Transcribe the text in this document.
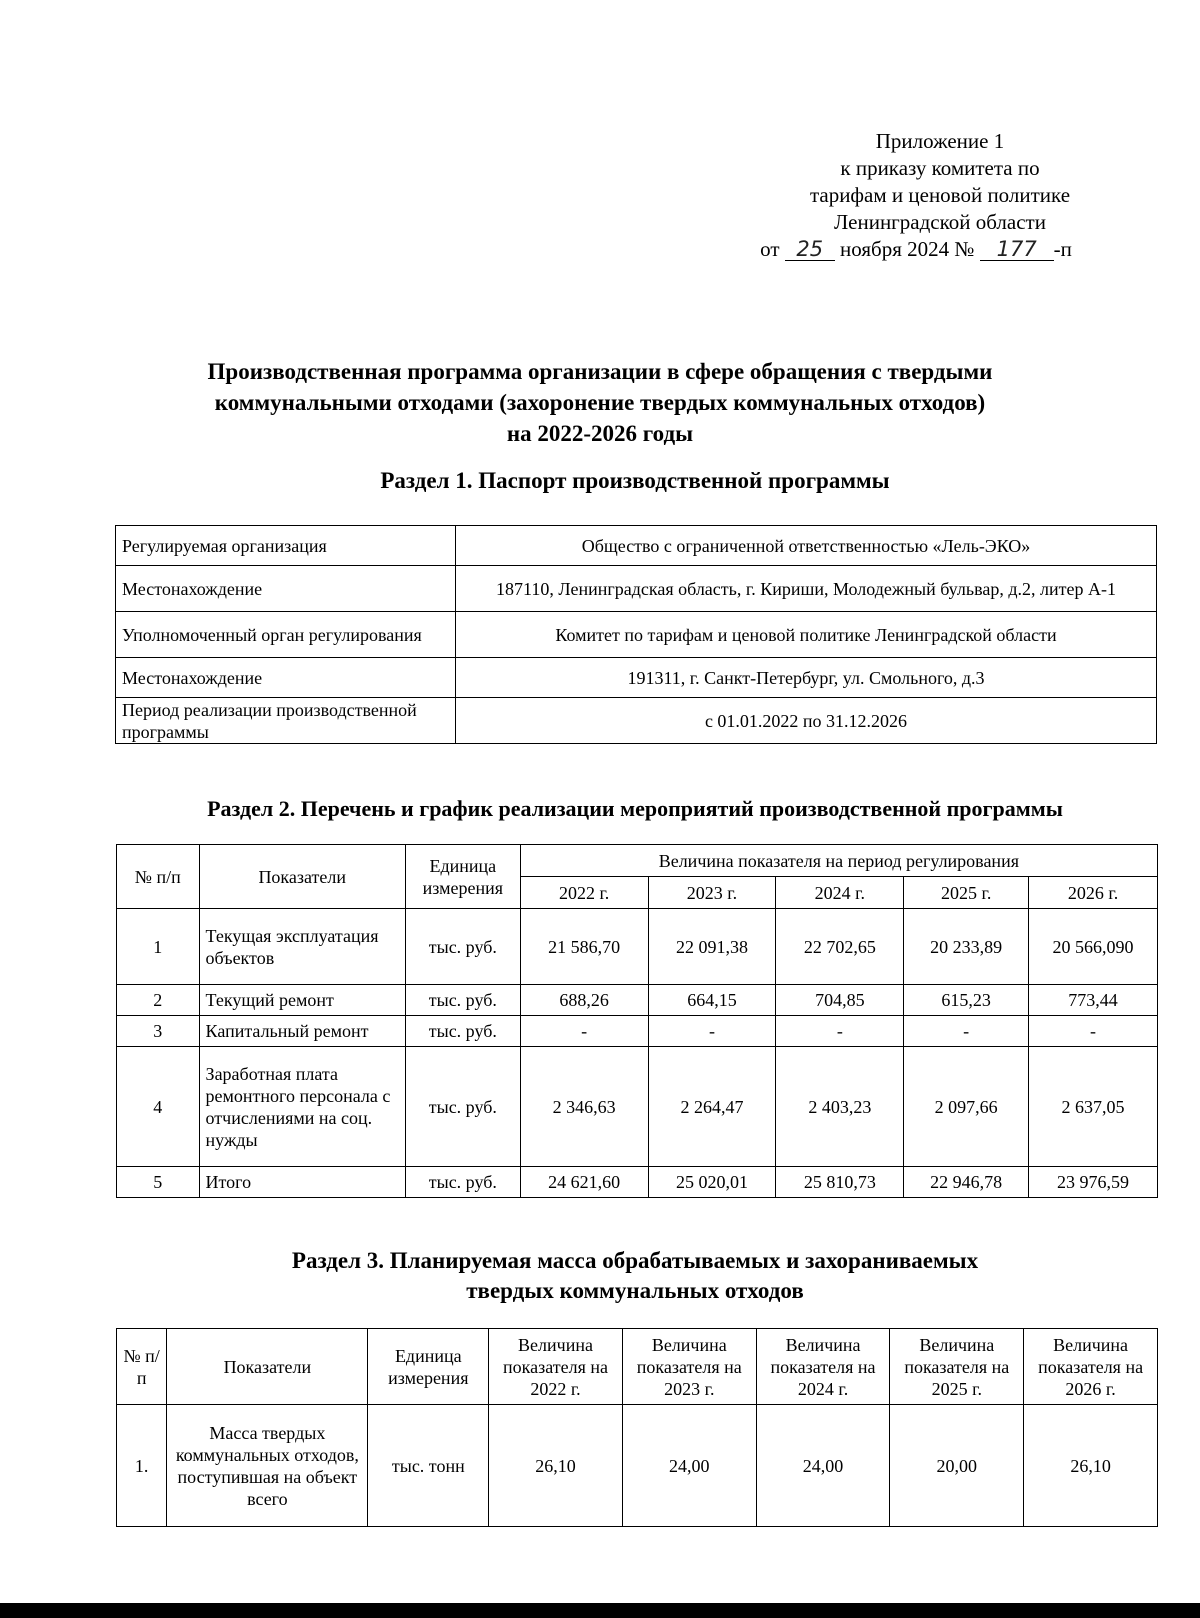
Приложение 1
к приказу комитета по
тарифам и ценовой политике
Ленинградской области
от 25 ноября 2024 № 177 -п
Производственная программа организации в сфере обращения с твердыми
коммунальными отходами (захоронение твердых коммунальных отходов)
на 2022-2026 годы
Раздел 1. Паспорт производственной программы
Регулируемая организация	Общество с ограниченной ответственностью «Лель-ЭКО»
Местонахождение	187110, Ленинградская область, г. Кириши, Молодежный бульвар, д.2, литер А-1
Уполномоченный орган регулирования	Комитет по тарифам и ценовой политике Ленинградской области
Местонахождение	191311, г. Санкт-Петербург, ул. Смольного, д.3
Период реализации производственной программы	с 01.01.2022 по 31.12.2026
Раздел 2. Перечень и график реализации мероприятий производственной программы
№ п/п	Показатели	Единица измерения	Величина показателя на период регулирования				
			2022 г.	2023 г.	2024 г.	2025 г.	2026 г.
1	Текущая эксплуатация объектов	тыс. руб.	21 586,70	22 091,38	22 702,65	20 233,89	20 566,090
2	Текущий ремонт	тыс. руб.	688,26	664,15	704,85	615,23	773,44
3	Капитальный ремонт	тыс. руб.	-	-	-	-	-
4	Заработная плата ремонтного персонала с отчислениями на соц. нужды	тыс. руб.	2 346,63	2 264,47	2 403,23	2 097,66	2 637,05
5	Итого	тыс. руб.	24 621,60	25 020,01	25 810,73	22 946,78	23 976,59
Раздел 3. Планируемая масса обрабатываемых и захораниваемых
твердых коммунальных отходов
№ п/п	Показатели	Единица измерения	Величина показателя на 2022 г.	Величина показателя на 2023 г.	Величина показателя на 2024 г.	Величина показателя на 2025 г.	Величина показателя на 2026 г.
1.	Масса твердых коммунальных отходов, поступившая на объект всего	тыс. тонн	26,10	24,00	24,00	20,00	26,10
